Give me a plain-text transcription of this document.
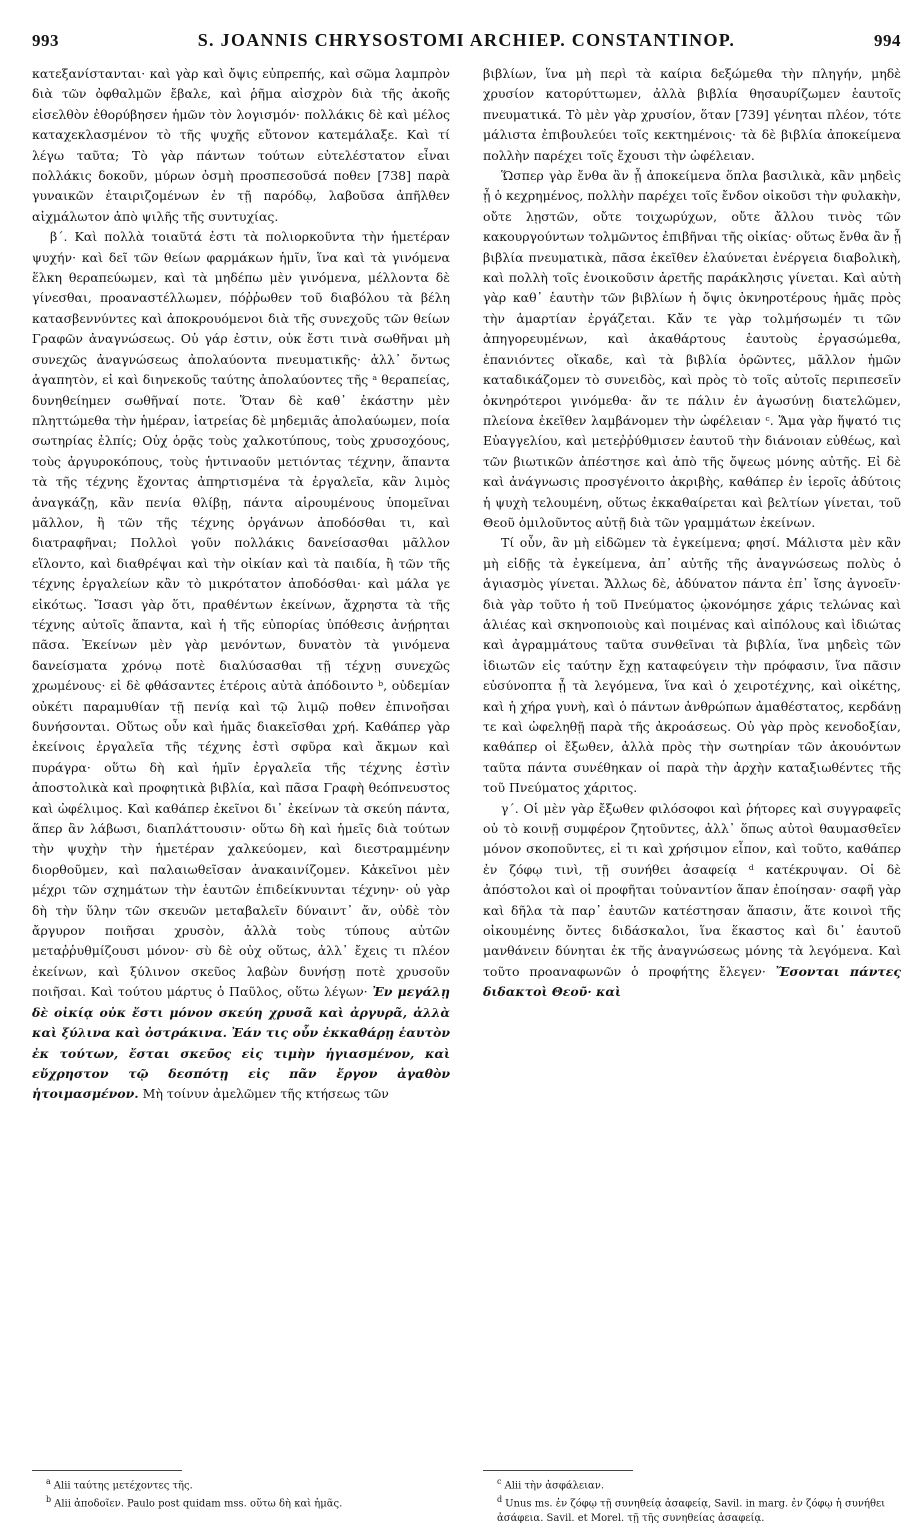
993	S. JOANNIS CHRYSOSTOMI ARCHIEP. CONSTANTINOP.	994

κατεξανίστανται· καὶ γὰρ καὶ ὄψις εὐπρεπής, καὶ σῶμα λαμπρὸν διὰ τῶν ὀφθαλμῶν ἔβαλε, καὶ ῥῆμα αἰσχρὸν διὰ τῆς ἀκοῆς εἰσελθὸν ἐθορύβησεν ἡμῶν τὸν λογισμόν· πολλάκις δὲ καὶ μέλος καταχεκλασμένον τὸ τῆς ψυχῆς εὔτονον κατεμάλαξε. Καὶ τί λέγω ταῦτα; Τὸ γὰρ πάντων τούτων εὐτελέστατον εἶναι πολλάκις δοκοῦν, μύρων ὀσμὴ προσπεσοῦσά ποθεν [738] παρὰ γυναικῶν ἑταιριζομένων ἐν τῇ παρόδῳ, λαβοῦσα ἀπῆλθεν αἰχμάλωτον ἀπὸ ψιλῆς τῆς συντυχίας.

β΄. Καὶ πολλὰ τοιαῦτά ἐστι τὰ πολιορκοῦντα τὴν ἡμετέραν ψυχήν· καὶ δεῖ τῶν θείων φαρμάκων ἡμῖν, ἵνα καὶ τὰ γινόμενα ἕλκη θεραπεύωμεν, καὶ τὰ μηδέπω μὲν γινόμενα, μέλλοντα δὲ γίνεσθαι, προαναστέλλωμεν, πόῤῥωθεν τοῦ διαβόλου τὰ βέλη κατασβεννύντες καὶ ἀποκρουόμενοι διὰ τῆς συνεχοῦς τῶν θείων Γραφῶν ἀναγνώσεως. Οὐ γάρ ἐστιν, οὐκ ἔστι τινὰ σωθῆναι μὴ συνεχῶς ἀναγνώσεως ἀπολαύοντα πνευματικῆς· ἀλλ᾽ ὄντως ἀγαπητὸν, εἰ καὶ διηνεκοῦς ταύτης ἀπολαύοντες τῆς ᵃ θεραπείας, δυνηθείημεν σωθῆναί ποτε. Ὅταν δὲ καθ᾽ ἑκάστην μὲν πληττώμεθα τὴν ἡμέραν, ἰατρείας δὲ μηδεμιᾶς ἀπολαύωμεν, ποία σωτηρίας ἐλπίς; Οὐχ ὁρᾷς τοὺς χαλκοτύπους, τοὺς χρυσοχόους, τοὺς ἀργυροκόπους, τοὺς ἡντιναοῦν μετιόντας τέχνην, ἅπαντα τὰ τῆς τέχνης ἔχοντας ἀπηρτισμένα τὰ ἐργαλεῖα, κἂν λιμὸς ἀναγκάζῃ, κἂν πενία θλίβῃ, πάντα αἱρουμένους ὑπομεῖναι μᾶλλον, ἢ τῶν τῆς τέχνης ὀργάνων ἀποδόσθαι τι, καὶ διατραφῆναι; Πολλοὶ γοῦν πολλάκις δανείσασθαι μᾶλλον εἵλοντο, καὶ διαθρέψαι καὶ τὴν οἰκίαν καὶ τὰ παιδία, ἢ τῶν τῆς τέχνης ἐργαλείων κἂν τὸ μικρότατον ἀποδόσθαι· καὶ μάλα γε εἰκότως. Ἴσασι γὰρ ὅτι, πραθέντων ἐκείνων, ἄχρηστα τὰ τῆς τέχνης αὐτοῖς ἅπαντα, καὶ ἡ τῆς εὐπορίας ὑπόθεσις ἀνῄρηται πᾶσα. Ἐκείνων μὲν γὰρ μενόντων, δυνατὸν τὰ γινόμενα δανείσματα χρόνῳ ποτὲ διαλύσασθαι τῇ τέχνῃ συνεχῶς χρωμένους· εἰ δὲ φθάσαντες ἑτέροις αὐτὰ ἀπόδοιντο ᵇ, οὐδεμίαν οὐκέτι παραμυθίαν τῇ πενίᾳ καὶ τῷ λιμῷ ποθεν ἐπινοῆσαι δυνήσονται. Οὕτως οὖν καὶ ἡμᾶς διακεῖσθαι χρή. Καθάπερ γὰρ ἐκείνοις ἐργαλεῖα τῆς τέχνης ἐστὶ σφῦρα καὶ ἄκμων καὶ πυράγρα· οὕτω δὴ καὶ ἡμῖν ἐργαλεῖα τῆς τέχνης ἐστὶν ἀποστολικὰ καὶ προφητικὰ βιβλία, καὶ πᾶσα Γραφὴ θεόπνευστος καὶ ὠφέλιμος. Καὶ καθάπερ ἐκεῖνοι δι᾽ ἐκείνων τὰ σκεύη πάντα, ἅπερ ἂν λάβωσι, διαπλάττουσιν· οὕτω δὴ καὶ ἡμεῖς διὰ τούτων τὴν ψυχὴν τὴν ἡμετέραν χαλκεύομεν, καὶ διεστραμμένην διορθοῦμεν, καὶ παλαιωθεῖσαν ἀνακαινίζομεν. Κἀκεῖνοι μὲν μέχρι τῶν σχημάτων τὴν ἑαυτῶν ἐπιδείκνυνται τέχνην· οὐ γὰρ δὴ τὴν ὕλην τῶν σκευῶν μεταβαλεῖν δύναιντ᾽ ἄν, οὐδὲ τὸν ἄργυρον ποιῆσαι χρυσὸν, ἀλλὰ τοὺς τύπους αὐτῶν μεταῤῥυθμίζουσι μόνον· σὺ δὲ οὐχ οὕτως, ἀλλ᾽ ἔχεις τι πλέον ἐκείνων, καὶ ξύλινον σκεῦος λαβὼν δυνήσῃ ποτὲ χρυσοῦν ποιῆσαι. Καὶ τούτου μάρτυς ὁ Παῦλος, οὕτω λέγων· Ἐν μεγάλῃ δὲ οἰκίᾳ οὐκ ἔστι μόνον σκεύη χρυσᾶ καὶ ἀργυρᾶ, ἀλλὰ καὶ ξύλινα καὶ ὀστράκινα. Ἐάν τις οὖν ἐκκαθάρῃ ἑαυτὸν ἐκ τούτων, ἔσται σκεῦος εἰς τιμὴν ἡγιασμένον, καὶ εὔχρηστον τῷ δεσπότῃ εἰς πᾶν ἔργον ἀγαθὸν ἡτοιμασμένον. Μὴ τοίνυν ἀμελῶμεν τῆς κτήσεως τῶν

$^a$ Alii ταύτης μετέχοντες τῆς.

$^b$ Alii ἀποδοῖεν. Paulo post quidam mss. οὕτω δὴ καὶ ἡμᾶς.

βιβλίων, ἵνα μὴ περὶ τὰ καίρια δεξώμεθα τὴν πληγήν, μηδὲ χρυσίον κατορύττωμεν, ἀλλὰ βιβλία θησαυρίζωμεν ἑαυτοῖς πνευματικά. Τὸ μὲν γὰρ χρυσίον, ὅταν [739] γένηται πλέον, τότε μάλιστα ἐπιβουλεύει τοῖς κεκτημένοις· τὰ δὲ βιβλία ἀποκείμενα πολλὴν παρέχει τοῖς ἔχουσι τὴν ὠφέλειαν.

Ὥσπερ γὰρ ἔνθα ἂν ᾖ ἀποκείμενα ὅπλα βασιλικὰ, κἂν μηδεὶς ᾖ ὁ κεχρημένος, πολλὴν παρέχει τοῖς ἔνδον οἰκοῦσι τὴν φυλακὴν, οὔτε λῃστῶν, οὔτε τοιχωρύχων, οὔτε ἄλλου τινὸς τῶν κακουργούντων τολμῶντος ἐπιβῆναι τῆς οἰκίας· οὕτως ἔνθα ἂν ᾖ βιβλία πνευματικὰ, πᾶσα ἐκεῖθεν ἐλαύνεται ἐνέργεια διαβολικὴ, καὶ πολλὴ τοῖς ἐνοικοῦσιν ἀρετῆς παράκλησις γίνεται. Καὶ αὐτὴ γὰρ καθ᾽ ἑαυτὴν τῶν βιβλίων ἡ ὄψις ὀκνηροτέρους ἡμᾶς πρὸς τὴν ἁμαρτίαν ἐργάζεται. Κἄν τε γὰρ τολμήσωμέν τι τῶν ἀπηγορευμένων, καὶ ἀκαθάρτους ἑαυτοὺς ἐργασώμεθα, ἐπανιόντες οἴκαδε, καὶ τὰ βιβλία ὁρῶντες, μᾶλλον ἡμῶν καταδικάζομεν τὸ συνειδὸς, καὶ πρὸς τὸ τοῖς αὐτοῖς περιπεσεῖν ὀκνηρότεροι γινόμεθα· ἄν τε πάλιν ἐν ἀγωσύνῃ διατελῶμεν, πλείονα ἐκεῖθεν λαμβάνομεν τὴν ὠφέλειαν ᶜ. Ἅμα γὰρ ἥψατό τις Εὐαγγελίου, καὶ μετεῤῥύθμισεν ἑαυτοῦ τὴν διάνοιαν εὐθέως, καὶ τῶν βιωτικῶν ἀπέστησε καὶ ἀπὸ τῆς ὄψεως μόνης αὐτῆς. Εἰ δὲ καὶ ἀνάγνωσις προσγένοιτο ἀκριβὴς, καθάπερ ἐν ἱεροῖς ἀδύτοις ἡ ψυχὴ τελουμένη, οὕτως ἐκκαθαίρεται καὶ βελτίων γίνεται, τοῦ Θεοῦ ὁμιλοῦντος αὐτῇ διὰ τῶν γραμμάτων ἐκείνων.

Τί οὖν, ἂν μὴ εἰδῶμεν τὰ ἐγκείμενα; φησί. Μάλιστα μὲν κἂν μὴ εἰδῇς τὰ ἐγκείμενα, ἀπ᾽ αὐτῆς τῆς ἀναγνώσεως πολὺς ὁ ἁγιασμὸς γίνεται. Ἄλλως δὲ, ἀδύνατον πάντα ἐπ᾽ ἴσης ἀγνοεῖν· διὰ γὰρ τοῦτο ἡ τοῦ Πνεύματος ᾠκονόμησε χάρις τελώνας καὶ ἁλιέας καὶ σκηνοποιοὺς καὶ ποιμένας καὶ αἰπόλους καὶ ἰδιώτας καὶ ἀγραμμάτους ταῦτα συνθεῖναι τὰ βιβλία, ἵνα μηδεὶς τῶν ἰδιωτῶν εἰς ταύτην ἔχῃ καταφεύγειν τὴν πρόφασιν, ἵνα πᾶσιν εὐσύνοπτα ᾖ τὰ λεγόμενα, ἵνα καὶ ὁ χειροτέχνης, καὶ οἰκέτης, καὶ ἡ χήρα γυνὴ, καὶ ὁ πάντων ἀνθρώπων ἀμαθέστατος, κερδάνῃ τε καὶ ὠφεληθῇ παρὰ τῆς ἀκροάσεως. Οὐ γὰρ πρὸς κενοδοξίαν, καθάπερ οἱ ἔξωθεν, ἀλλὰ πρὸς τὴν σωτηρίαν τῶν ἀκουόντων ταῦτα πάντα συνέθηκαν οἱ παρὰ τὴν ἀρχὴν καταξιωθέντες τῆς τοῦ Πνεύματος χάριτος.

γ΄. Οἱ μὲν γὰρ ἔξωθεν φιλόσοφοι καὶ ῥήτορες καὶ συγγραφεῖς οὐ τὸ κοινῇ συμφέρον ζητοῦντες, ἀλλ᾽ ὅπως αὐτοὶ θαυμασθεῖεν μόνον σκοποῦντες, εἰ τι καὶ χρήσιμον εἶπον, καὶ τοῦτο, καθάπερ ἐν ζόφῳ τινὶ, τῇ συνήθει ἀσαφείᾳ ᵈ κατέκρυψαν. Οἱ δὲ ἀπόστολοι καὶ οἱ προφῆται τοὐναντίον ἅπαν ἐποίησαν· σαφῆ γὰρ καὶ δῆλα τὰ παρ᾽ ἑαυτῶν κατέστησαν ἅπασιν, ἅτε κοινοὶ τῆς οἰκουμένης ὄντες διδάσκαλοι, ἵνα ἕκαστος καὶ δι᾽ ἑαυτοῦ μανθάνειν δύνηται ἐκ τῆς ἀναγνώσεως μόνης τὰ λεγόμενα. Καὶ τοῦτο προαναφωνῶν ὁ προφήτης ἔλεγεν· Ἔσονται πάντες διδακτοὶ Θεοῦ· καὶ

$^c$ Alii τὴν ἀσφάλειαν.

$^d$ Unus ms. ἐν ζόφῳ τῇ συνηθείᾳ ἀσαφείᾳ, Savil. in marg. ἐν ζόφῳ ἡ συνήθει ἀσάφεια. Savil. et Morel. τῇ τῆς συνηθείας ἀσαφείᾳ.
